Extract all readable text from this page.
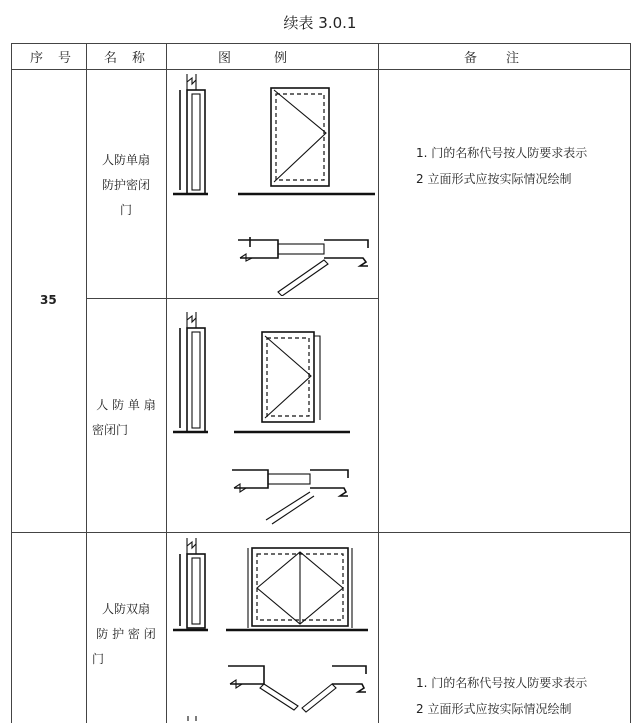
续表 3.0.1
序　号 名　称	图　　　例	备　　注
35
人防单扇
防护密闭
门
人 防 单 扇
密闭门
人防双扇
防 护 密 闭
门
1. 门的名称代号按人防要求表示
2 立面形式应按实际情况绘制
1. 门的名称代号按人防要求表示
2 立面形式应按实际情况绘制
